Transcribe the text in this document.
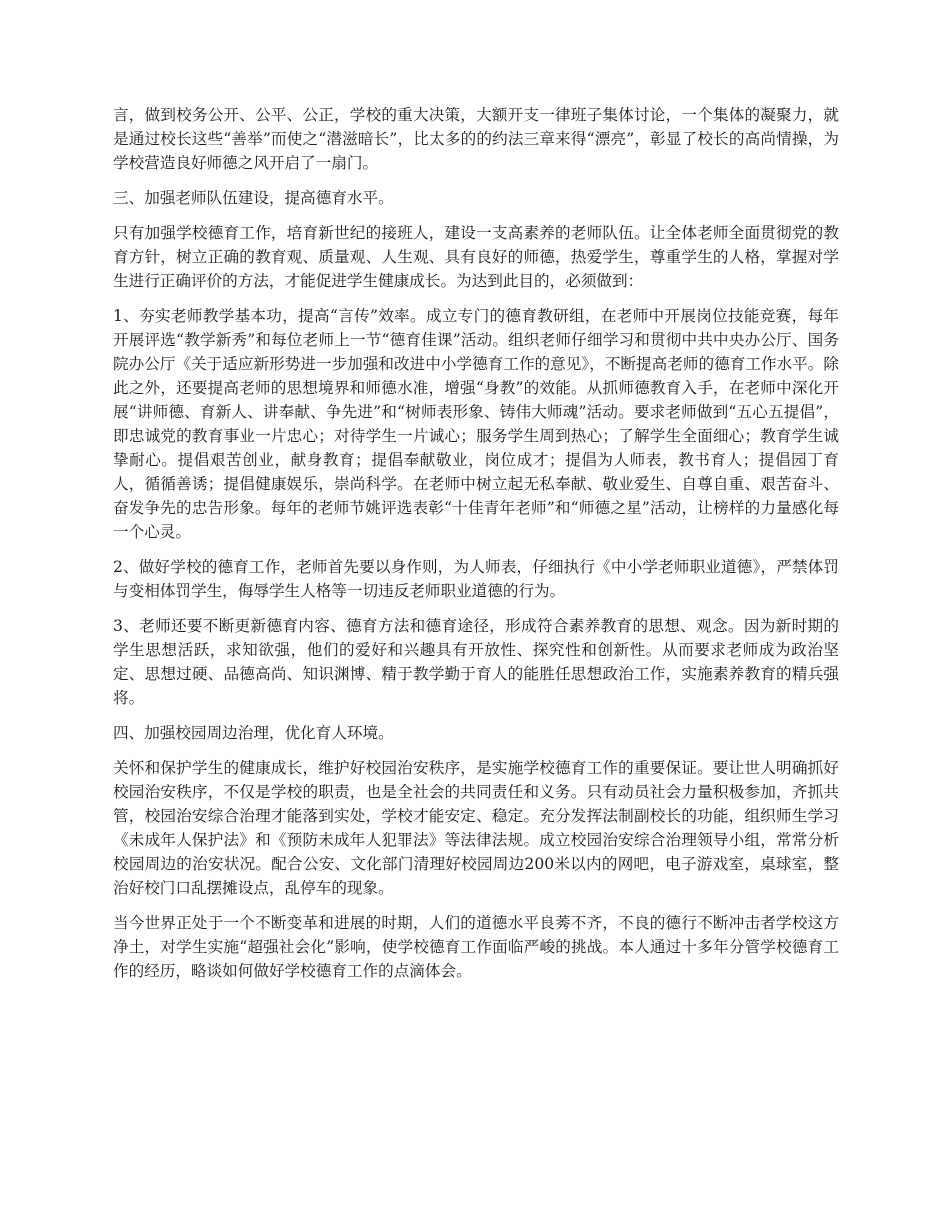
言，做到校务公开、公平、公正，学校的重大决策，大额开支一律班子集体讨论，一个集体的凝聚力，就是通过校长这些“善举”而使之“潜滋暗长”，比太多的的约法三章来得“漂亮”，彰显了校长的高尚情操，为学校营造良好师德之风开启了一扇门。

三、加强老师队伍建设，提高德育水平。

只有加强学校德育工作，培育新世纪的接班人，建设一支高素养的老师队伍。让全体老师全面贯彻党的教育方针，树立正确的教育观、质量观、人生观、具有良好的师德，热爱学生，尊重学生的人格，掌握对学生进行正确评价的方法，才能促进学生健康成长。为达到此目的，必须做到：

1、夯实老师教学基本功，提高“言传”效率。成立专门的德育教研组，在老师中开展岗位技能竞赛，每年开展评选“教学新秀”和每位老师上一节“德育佳课”活动。组织老师仔细学习和贯彻中共中央办公厅、国务院办公厅《关于适应新形势进一步加强和改进中小学德育工作的意见》，不断提高老师的德育工作水平。除此之外，还要提高老师的思想境界和师德水准，增强“身教”的效能。从抓师德教育入手，在老师中深化开展“讲师德、育新人、讲奉献、争先进”和“树师表形象、铸伟大师魂”活动。要求老师做到“五心五提倡”，即忠诚党的教育事业一片忠心；对待学生一片诚心；服务学生周到热心；了解学生全面细心；教育学生诚挚耐心。提倡艰苦创业，献身教育；提倡奉献敬业，岗位成才；提倡为人师表，教书育人；提倡园丁育人，循循善诱；提倡健康娱乐，崇尚科学。在老师中树立起无私奉献、敬业爱生、自尊自重、艰苦奋斗、奋发争先的忠告形象。每年的老师节姚评选表彰“十佳青年老师”和“师德之星”活动，让榜样的力量感化每一个心灵。

2、做好学校的德育工作，老师首先要以身作则，为人师表，仔细执行《中小学老师职业道德》，严禁体罚与变相体罚学生，侮辱学生人格等一切违反老师职业道德的行为。

3、老师还要不断更新德育内容、德育方法和德育途径，形成符合素养教育的思想、观念。因为新时期的学生思想活跃，求知欲强，他们的爱好和兴趣具有开放性、探究性和创新性。从而要求老师成为政治坚定、思想过硬、品德高尚、知识渊博、精于教学勤于育人的能胜任思想政治工作，实施素养教育的精兵强将。

四、加强校园周边治理，优化育人环境。

关怀和保护学生的健康成长，维护好校园治安秩序，是实施学校德育工作的重要保证。要让世人明确抓好校园治安秩序，不仅是学校的职责，也是全社会的共同责任和义务。只有动员社会力量积极参加，齐抓共管，校园治安综合治理才能落到实处，学校才能安定、稳定。充分发挥法制副校长的功能，组织师生学习《未成年人保护法》和《预防未成年人犯罪法》等法律法规。成立校园治安综合治理领导小组，常常分析校园周边的治安状况。配合公安、文化部门清理好校园周边200米以内的网吧，电子游戏室，桌球室，整治好校门口乱摆摊设点，乱停车的现象。

当今世界正处于一个不断变革和进展的时期，人们的道德水平良莠不齐，不良的德行不断冲击者学校这方净土，对学生实施“超强社会化”影响，使学校德育工作面临严峻的挑战。本人通过十多年分管学校德育工作的经历，略谈如何做好学校德育工作的点滴体会。
